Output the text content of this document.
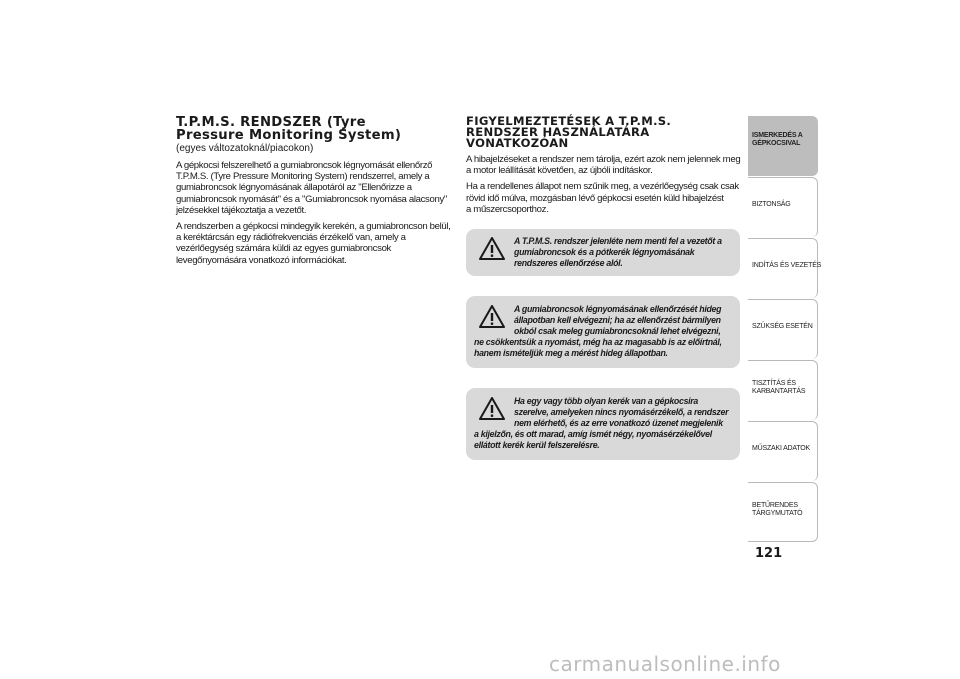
T.P.M.S. RENDSZER (Tyre
Pressure Monitoring System)
(egyes változatoknál/piacokon)

A gépkocsi felszerelhető a gumiabroncsok légnyomását ellenőrző
T.P.M.S. (Tyre Pressure Monitoring System) rendszerrel, amely a
gumiabroncsok légnyomásának állapotáról az "Ellenőrizze a
gumiabroncsok nyomását" és a "Gumiabroncsok nyomása alacsony"
jelzésekkel tájékoztatja a vezetőt.

A rendszerben a gépkocsi mindegyik kerekén, a gumiabroncson belül,
a keréktárcsán egy rádiófrekvenciás érzékelő van, amely a
vezérlőegység számára küldi az egyes gumiabroncsok
levegőnyomására vonatkozó információkat.

FIGYELMEZTETÉSEK A T.P.M.S.
RENDSZER HASZNÁLATÁRA
VONATKOZÓAN

A hibajelzéseket a rendszer nem tárolja, ezért azok nem jelennek meg
a motor leállítását követően, az újbóli indításkor.

Ha a rendellenes állapot nem szűnik meg, a vezérlőegység csak csak
rövid idő múlva, mozgásban lévő gépkocsi esetén küld hibajelzést
a műszercsoporthoz.

A T.P.M.S. rendszer jelenléte nem menti fel a vezetőt a
gumiabroncsok és a pótkerék légnyomásának
rendszeres ellenőrzése alól.
A gumiabroncsok légnyomásának ellenőrzését hideg
állapotban kell elvégezni; ha az ellenőrzést bármilyen
okból csak meleg gumiabroncsoknál lehet elvégezni,
ne csökkentsük a nyomást, még ha az magasabb is az előírtnál,
hanem ismételjük meg a mérést hideg állapotban.
Ha egy vagy több olyan kerék van a gépkocsira
szerelve, amelyeken nincs nyomásérzékelő, a rendszer
nem elérhető, és az erre vonatkozó üzenet megjelenik
a kijelzőn, és ott marad, amíg ismét négy, nyomásérzékelővel
ellátott kerék kerül felszerelésre.
ISMERKEDÉS A
GÉPKOCSIVAL
BIZTONSÁG
INDÍTÁS ÉS VEZETÉS
SZÜKSÉG ESETÉN
TISZTÍTÁS ÉS
KARBANTARTÁS
MŰSZAKI ADATOK
BETŰRENDES
TÁRGYMUTATÓ
121
carmanualsonline.info
